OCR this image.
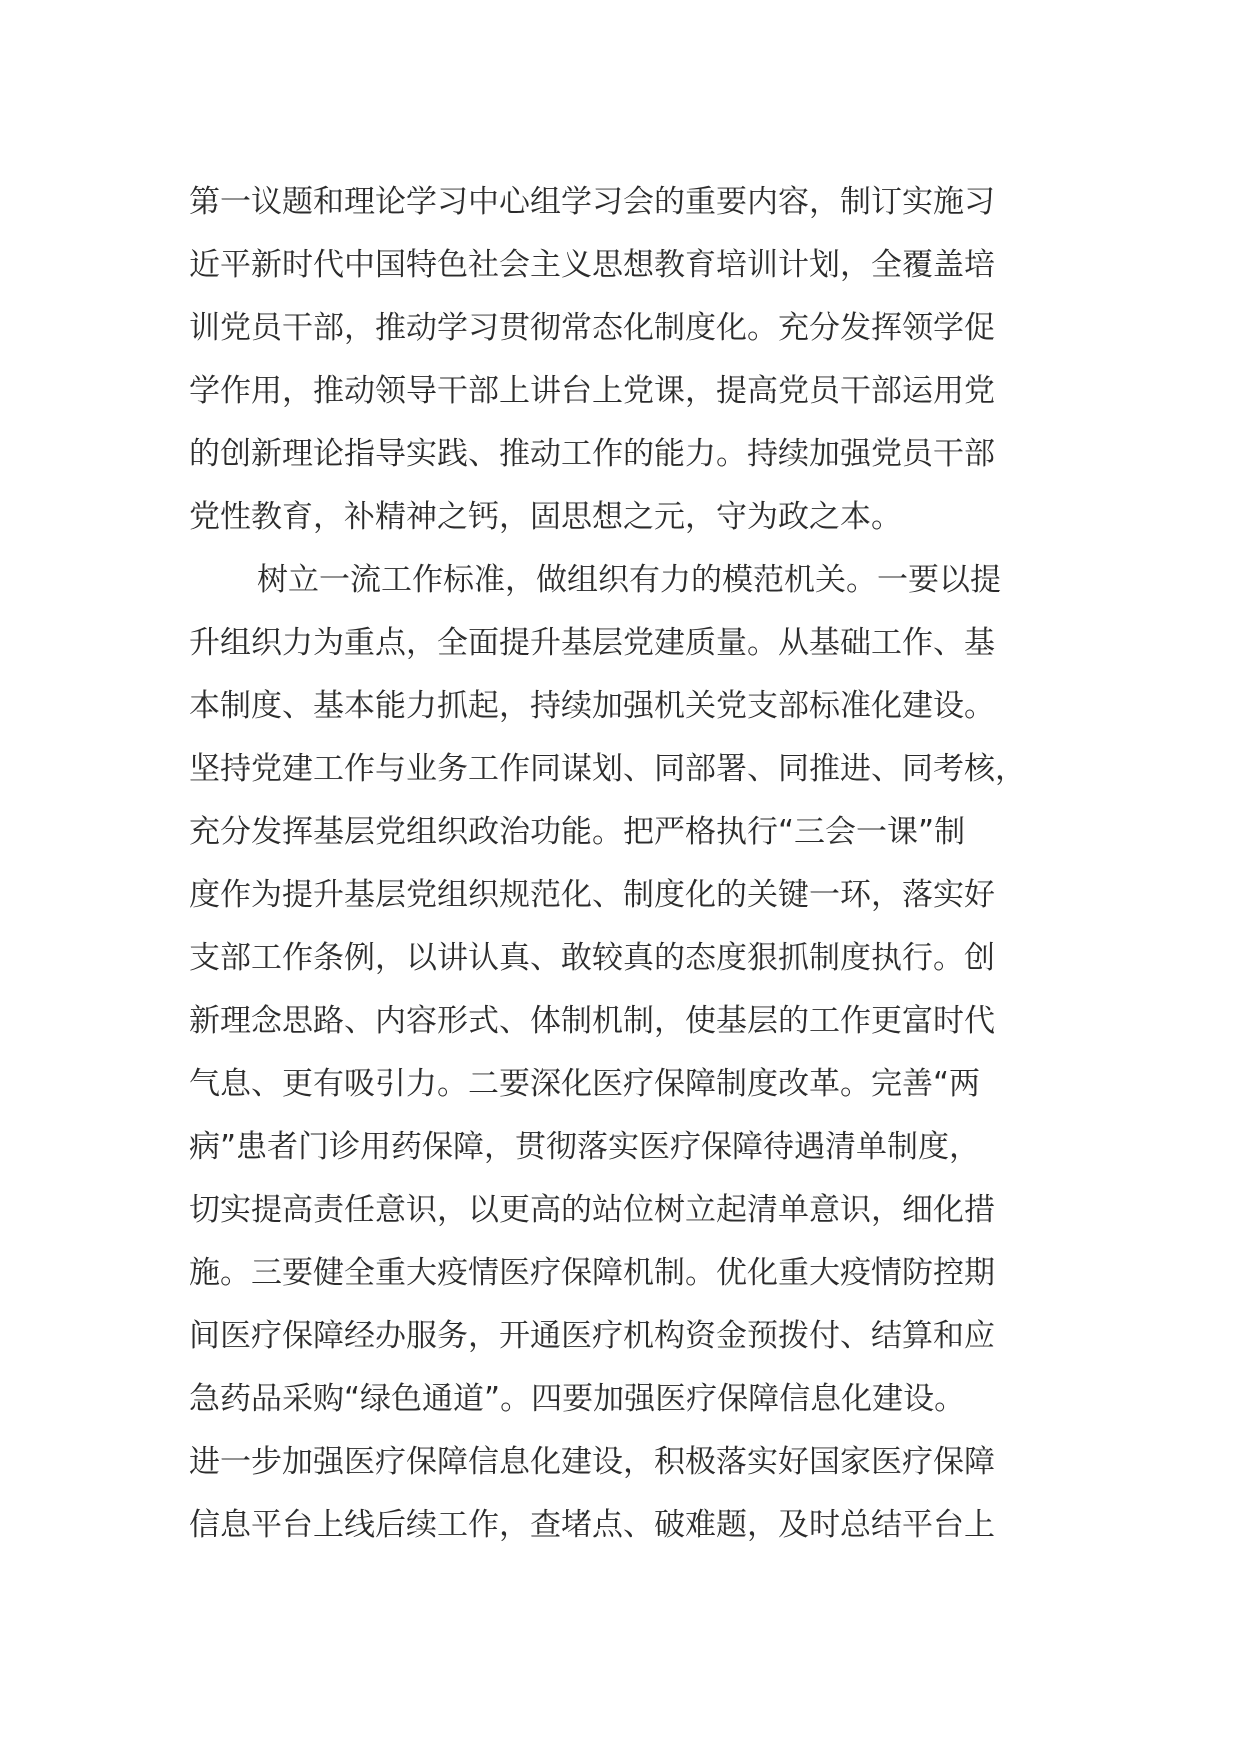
第一议题和理论学习中心组学习会的重要内容，制订实施习

近平新时代中国特色社会主义思想教育培训计划，全覆盖培

训党员干部，推动学习贯彻常态化制度化。充分发挥领学促

学作用，推动领导干部上讲台上党课，提高党员干部运用党

的创新理论指导实践、推动工作的能力。持续加强党员干部

党性教育，补精神之钙，固思想之元，守为政之本。

树立一流工作标准，做组织有力的模范机关。一要以提

升组织力为重点，全面提升基层党建质量。从基础工作、基

本制度、基本能力抓起，持续加强机关党支部标准化建设。

坚持党建工作与业务工作同谋划、同部署、同推进、同考核，

充分发挥基层党组织政治功能。把严格执行“三会一课”制

度作为提升基层党组织规范化、制度化的关键一环，落实好

支部工作条例，以讲认真、敢较真的态度狠抓制度执行。创

新理念思路、内容形式、体制机制，使基层的工作更富时代

气息、更有吸引力。二要深化医疗保障制度改革。完善“两

病”患者门诊用药保障，贯彻落实医疗保障待遇清单制度，

切实提高责任意识，以更高的站位树立起清单意识，细化措

施。三要健全重大疫情医疗保障机制。优化重大疫情防控期

间医疗保障经办服务，开通医疗机构资金预拨付、结算和应

急药品采购“绿色通道”。四要加强医疗保障信息化建设。

进一步加强医疗保障信息化建设，积极落实好国家医疗保障

信息平台上线后续工作，查堵点、破难题，及时总结平台上
